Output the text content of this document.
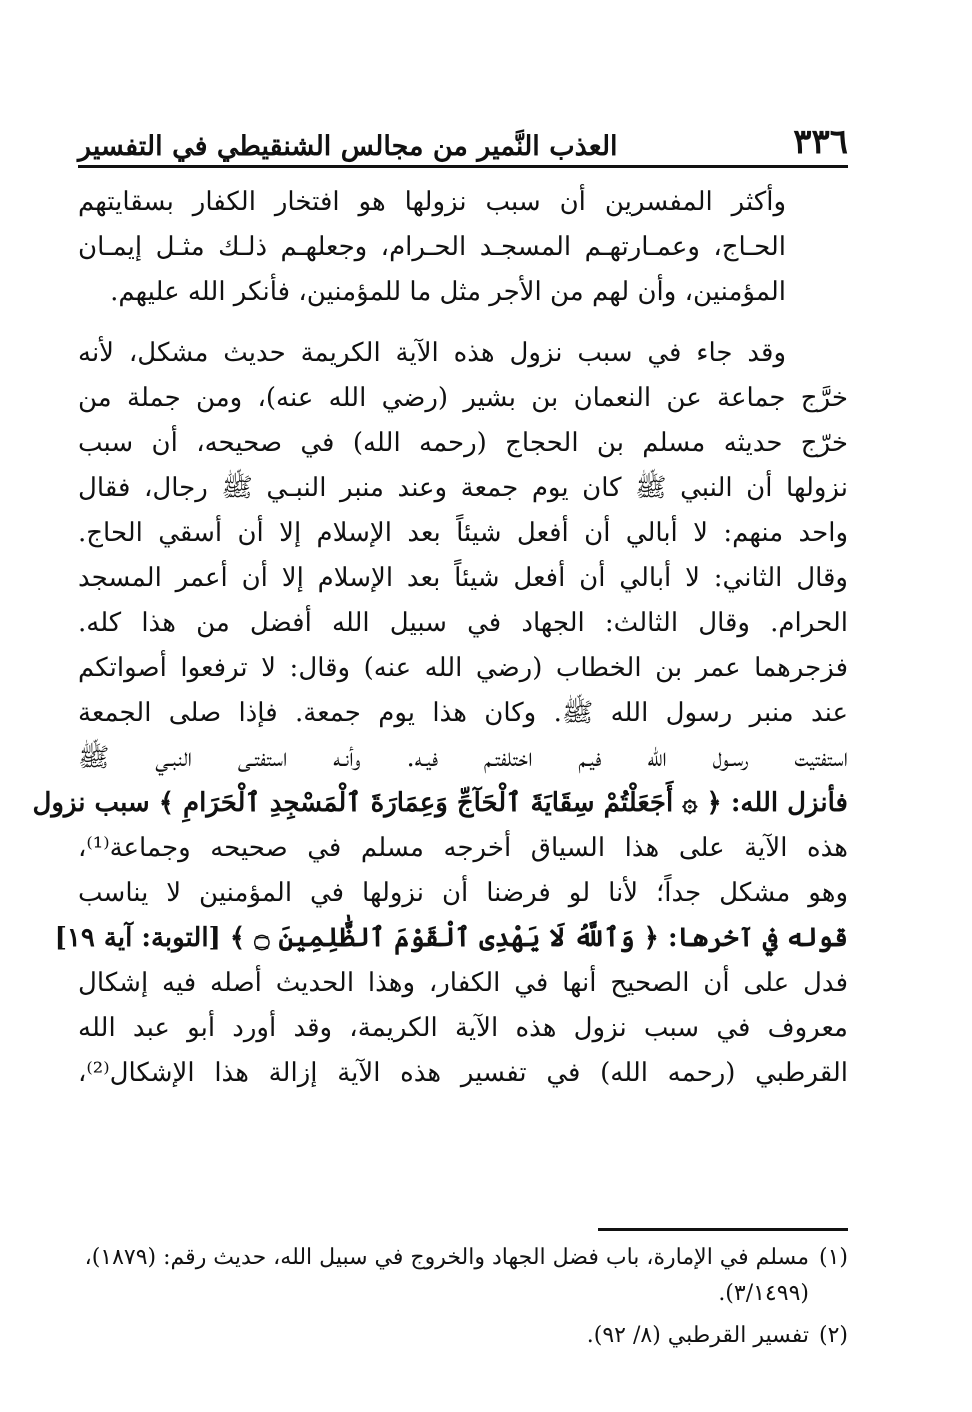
العذب النَّمير من مجالس الشنقيطي في التفسير	٣٣٦

وأكثر المفسرين أن سبب نزولها هو افتخار الكفار بسقايتهم
الحـاج، وعمـارتهـم المسجـد الحـرام، وجعلهـم ذلـك مثـل إيمـان
المؤمنين، وأن لهم من الأجر مثل ما للمؤمنين، فأنكر الله عليهم.

وقد جاء في سبب نزول هذه الآية الكريمة حديث مشكل، لأنه
خرَّج جماعة عن النعمان بن بشير (رضي الله عنه)، ومن جملة من
خرّج حديثه مسلم بن الحجاج (رحمه الله) في صحيحه، أن سبب
نزولها أن النبي ﷺ كان يوم جمعة وعند منبر النبـي ﷺ رجال، فقال
واحد منهم: لا أبالي أن أفعل شيئاً بعد الإسلام إلا أن أسقي الحاج.
وقال الثاني: لا أبالي أن أفعل شيئاً بعد الإسلام إلا أن أعمر المسجد
الحرام. وقال الثالث: الجهاد في سبيل الله أفضل من هذا كله.
فزجرهما عمر بن الخطاب (رضي الله عنه) وقال: لا ترفعوا أصواتكم
عند منبر رسول الله ﷺ. وكان هذا يوم جمعة. فإذا صلى الجمعة
استفتيت رسـول الله فيـم اختلفتـم فيـه. وأنـه استفتـى النبـي ﷺ
فأنزل الله: ﴿ ۞ أَجَعَلْتُمْ سِقَايَةَ ٱلْحَآجِّ وَعِمَارَةَ ٱلْمَسْجِدِ ٱلْحَرَامِ ﴾ سبب نزول
هذه الآية على هذا السياق أخرجه مسلم في صحيحه وجماعة⁽¹⁾،
وهو مشكل جداً؛ لأنا لو فرضنا أن نزولها في المؤمنين لا يناسب
قوله في آخرها: ﴿ وَٱللَّهُ لَا يَهْدِى ٱلْقَوْمَ ٱلظَّٰلِمِينَ ۝ ﴾ [التوبة: آية ١٩]
فدل على أن الصحيح أنها في الكفار، وهذا الحديث أصله فيه إشكال
معروف في سبب نزول هذه الآية الكريمة، وقد أورد أبو عبد الله
القرطبي (رحمه الله) في تفسير هذه الآية إزالة هذا الإشكال⁽²⁾،

(١)
مسلم في الإمارة، باب فضل الجهاد والخروج في سبيل الله، حديث رقم: (١٨٧٩)، (٣/١٤٩٩).
(٢)
تفسير القرطبي (٨/ ٩٢).
